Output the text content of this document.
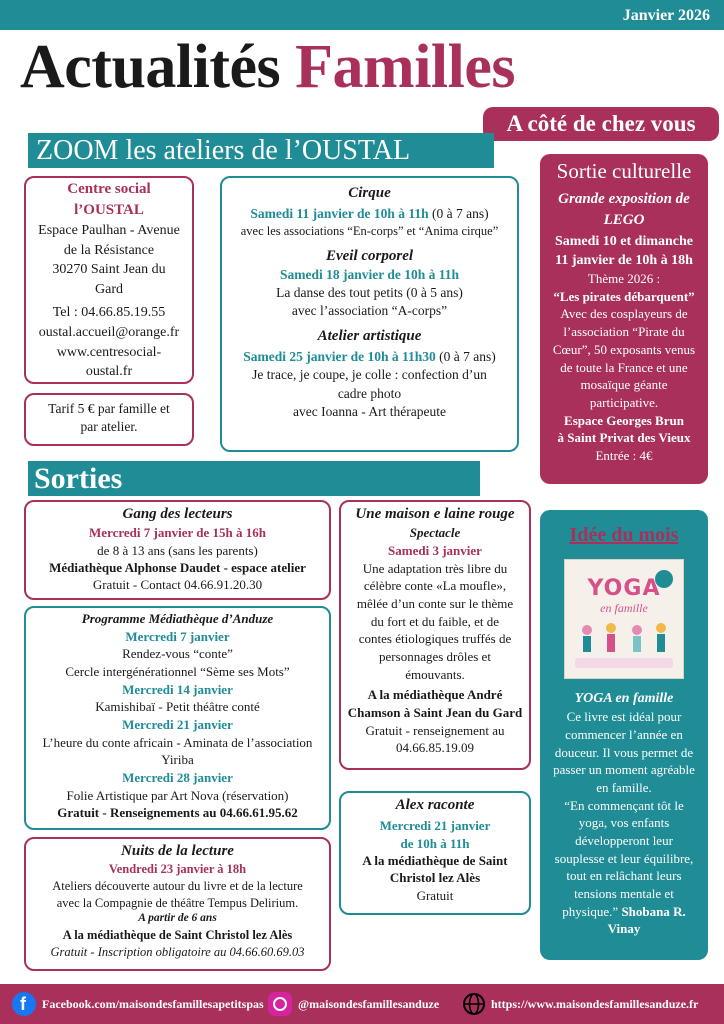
Janvier 2026
Actualités Familles
A côté de chez vous
ZOOM les ateliers de l’OUSTAL
Centre social
l’OUSTAL
Espace Paulhan - Avenue
de la Résistance
30270 Saint Jean du
Gard
Tel : 04.66.85.19.55
oustal.accueil@orange.fr
www.centresocial-
oustal.fr
Tarif 5 € par famille et
par atelier.
Cirque
Samedi 11 janvier de 10h à 11h (0 à 7 ans)
avec les associations “En-corps” et “Anima cirque”
Eveil corporel
Samedi 18 janvier de 10h à 11h
La danse des tout petits (0 à 5 ans)
avec l’association “A-corps”
Atelier artistique
Samedi 25 janvier de 10h à 11h30 (0 à 7 ans)
Je trace, je coupe, je colle : confection d’un
cadre photo
avec Ioanna - Art thérapeute
Sortie culturelle
Grande exposition de
LEGO
Samedi 10 et dimanche
11 janvier de 10h à 18h
Thème 2026 :
“Les pirates débarquent”
Avec des cosplayeurs de
l’association “Pirate du
Cœur”, 50 exposants venus
de toute la France et une
mosaïque géante
participative.
Espace Georges Brun
à Saint Privat des Vieux
Entrée : 4€
Sorties
Gang des lecteurs
Mercredi 7 janvier de 15h à 16h
de 8 à 13 ans (sans les parents)
Médiathèque Alphonse Daudet - espace atelier
Gratuit - Contact 04.66.91.20.30
Programme Médiathèque d’Anduze
Mercredi 7 janvier
Rendez-vous “conte”
Cercle intergénérationnel “Sème ses Mots”
Mercredi 14 janvier
Kamishibaï - Petit théâtre conté
Mercredi 21 janvier
L’heure du conte africain - Aminata de l’association
Yiriba
Mercredi 28 janvier
Folie Artistique par Art Nova (réservation)
Gratuit - Renseignements au 04.66.61.95.62
Nuits de la lecture
Vendredi 23 janvier à 18h
Ateliers découverte autour du livre et de la lecture
avec la Compagnie de théâtre Tempus Delirium.
A partir de 6 ans
A la médiathèque de Saint Christol lez Alès
Gratuit - Inscription obligatoire au 04.66.60.69.03
Une maison e laine rouge
Spectacle
Samedi 3 janvier
Une adaptation très libre du
célèbre conte «La moufle»,
mêlée d’un conte sur le thème
du fort et du faible, et de
contes étiologiques truffés de
personnages drôles et
émouvants.
A la médiathèque André
Chamson à Saint Jean du Gard
Gratuit - renseignement au
04.66.85.19.09
Alex raconte
Mercredi 21 janvier
de 10h à 11h
A la médiathèque de Saint
Christol lez Alès
Gratuit
Idée du mois
YOGA
en famille
YOGA en famille
Ce livre est idéal pour
commencer l’année en
douceur. Il vous permet de
passer un moment agréable
en famille.
“En commençant tôt le
yoga, vos enfants
développeront leur
souplesse et leur équilibre,
tout en relâchant leurs
tensions mentale et
physique.” Shobana R.
Vinay
f Facebook.com/maisondesfamillesapetitspas	@maisondesfamillesanduze	https://www.maisondesfamillesanduze.fr
